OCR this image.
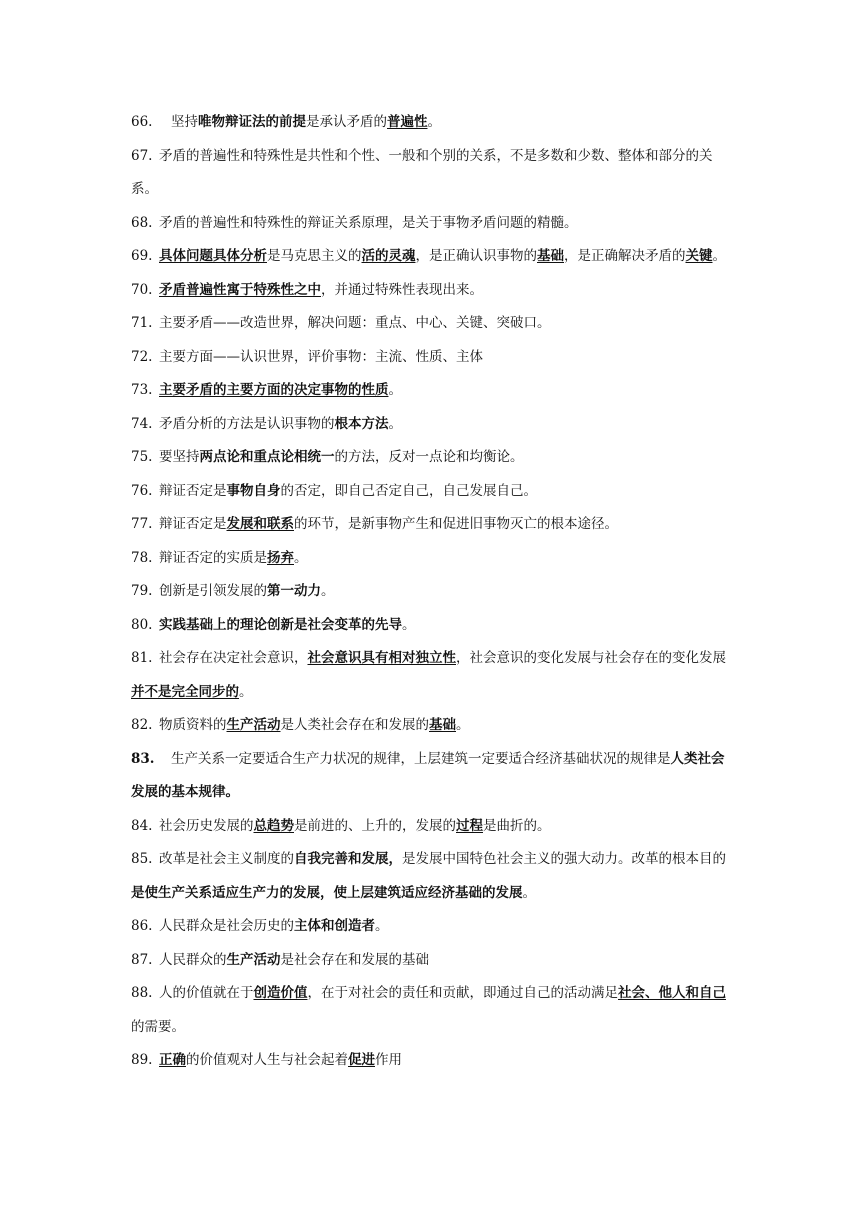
66. 坚持唯物辩证法的前提是承认矛盾的普遍性。

67. 矛盾的普遍性和特殊性是共性和个性、一般和个别的关系，不是多数和少数、整体和部分的关系。

68. 矛盾的普遍性和特殊性的辩证关系原理，是关于事物矛盾问题的精髓。

69. 具体问题具体分析是马克思主义的活的灵魂，是正确认识事物的基础，是正确解决矛盾的关键。

70. 矛盾普遍性寓于特殊性之中，并通过特殊性表现出来。

71. 主要矛盾——改造世界，解决问题：重点、中心、关键、突破口。

72. 主要方面——认识世界，评价事物：主流、性质、主体

73. 主要矛盾的主要方面的决定事物的性质。

74. 矛盾分析的方法是认识事物的根本方法。

75. 要坚持两点论和重点论相统一的方法，反对一点论和均衡论。

76. 辩证否定是事物自身的否定，即自己否定自己，自己发展自己。

77. 辩证否定是发展和联系的环节，是新事物产生和促进旧事物灭亡的根本途径。

78. 辩证否定的实质是扬弃。

79. 创新是引领发展的第一动力。

80. 实践基础上的理论创新是社会变革的先导。

81. 社会存在决定社会意识，社会意识具有相对独立性，社会意识的变化发展与社会存在的变化发展并不是完全同步的。

82. 物质资料的生产活动是人类社会存在和发展的基础。

83. 生产关系一定要适合生产力状况的规律，上层建筑一定要适合经济基础状况的规律是人类社会发展的基本规律。

84. 社会历史发展的总趋势是前进的、上升的，发展的过程是曲折的。

85. 改革是社会主义制度的自我完善和发展，是发展中国特色社会主义的强大动力。改革的根本目的是使生产关系适应生产力的发展，使上层建筑适应经济基础的发展。

86. 人民群众是社会历史的主体和创造者。

87. 人民群众的生产活动是社会存在和发展的基础

88. 人的价值就在于创造价值，在于对社会的责任和贡献，即通过自己的活动满足社会、他人和自己的需要。

89. 正确的价值观对人生与社会起着促进作用
